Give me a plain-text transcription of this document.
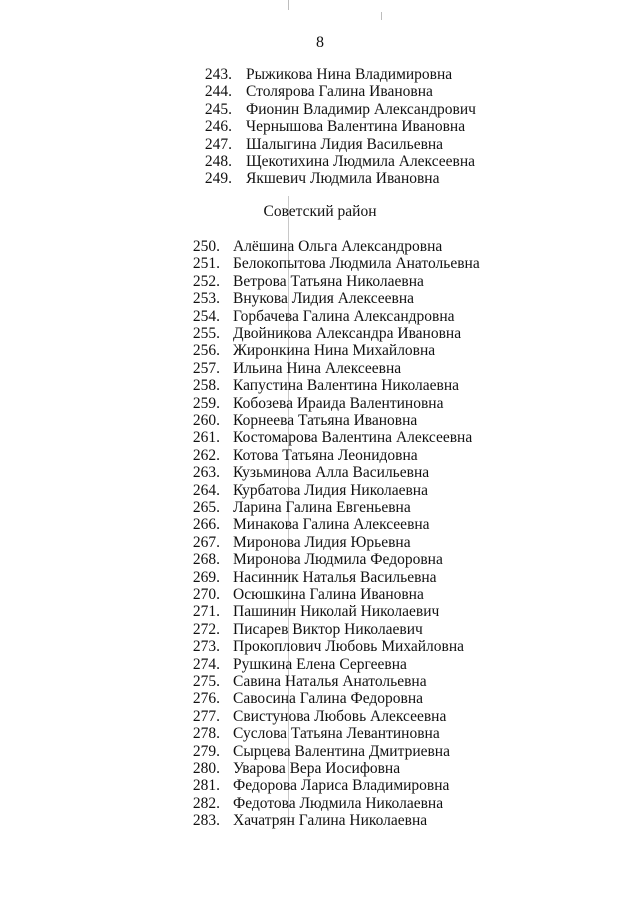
8
243. Рыжикова Нина Владимировна
244. Столярова Галина Ивановна
245. Фионин Владимир Александрович
246. Чернышова Валентина Ивановна
247. Шалыгина Лидия Васильевна
248. Щекотихина Людмила Алексеевна
249. Якшевич Людмила Ивановна
Советский район
250. Алёшина Ольга Александровна
251. Белокопытова Людмила Анатольевна
252. Ветрова Татьяна Николаевна
253. Внукова Лидия Алексеевна
254. Горбачева Галина Александровна
255. Двойникова Александра Ивановна
256. Жиронкина Нина Михайловна
257. Ильина Нина Алексеевна
258. Капустина Валентина Николаевна
259. Кобозева Ираида Валентиновна
260. Корнеева Татьяна Ивановна
261. Костомарова Валентина Алексеевна
262. Котова Татьяна Леонидовна
263. Кузьминова Алла Васильевна
264. Курбатова Лидия Николаевна
265. Ларина Галина Евгеньевна
266. Минакова Галина Алексеевна
267. Миронова Лидия Юрьевна
268. Миронова Людмила Федоровна
269. Насинник Наталья Васильевна
270. Осюшкина Галина Ивановна
271. Пашинин Николай Николаевич
272. Писарев Виктор Николаевич
273. Прокоплович Любовь Михайловна
274. Рушкина Елена Сергеевна
275. Савина Наталья Анатольевна
276. Савосина Галина Федоровна
277. Свистунова Любовь Алексеевна
278. Суслова Татьяна Левантиновна
279. Сырцева Валентина Дмитриевна
280. Уварова Вера Иосифовна
281. Федорова Лариса Владимировна
282. Федотова Людмила Николаевна
283. Хачатрян Галина Николаевна
